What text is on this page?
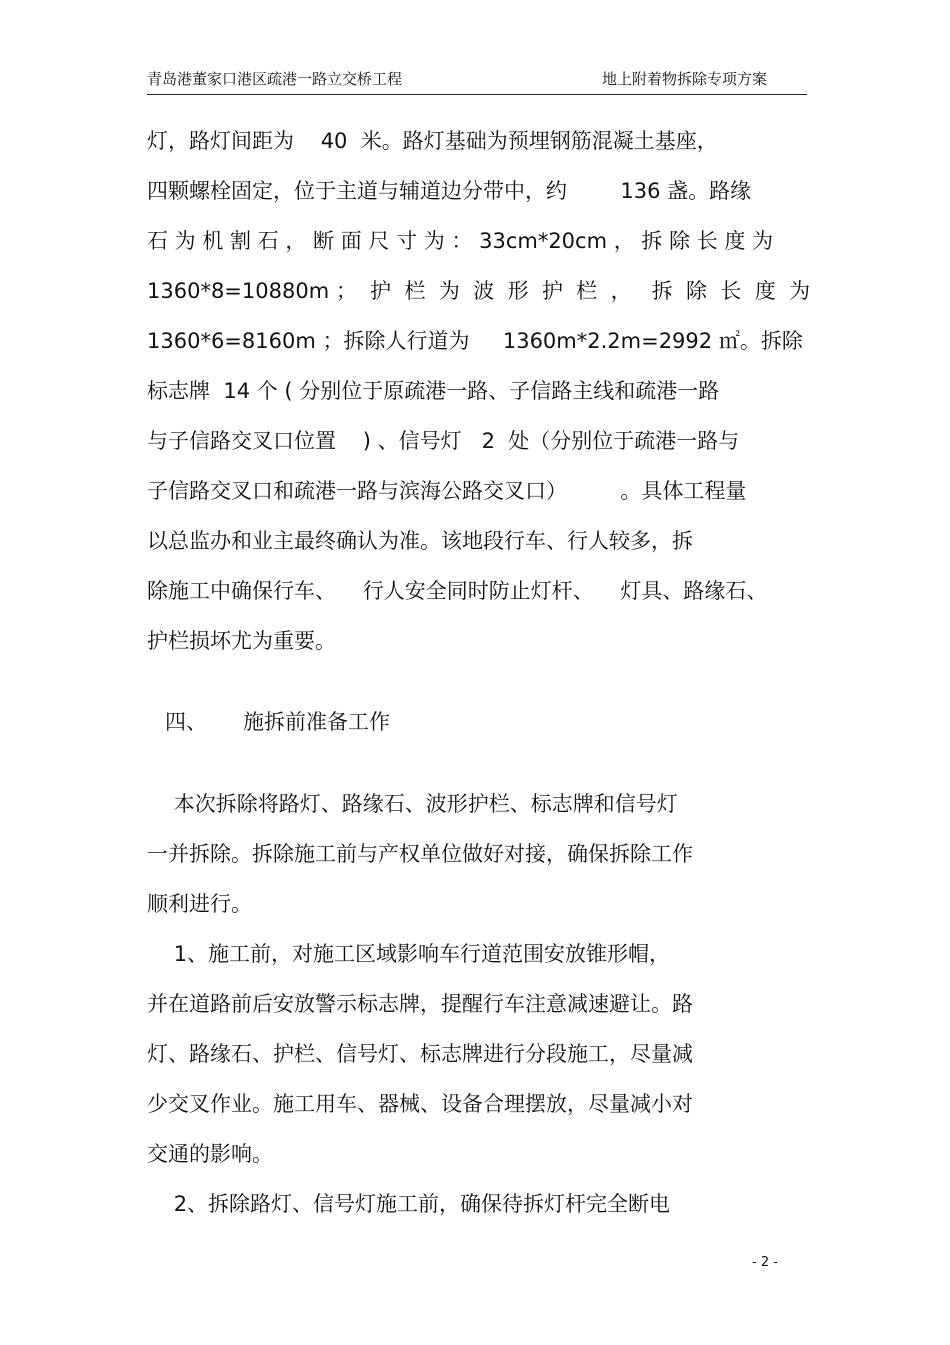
青岛港董家口港区疏港一路立交桥工程	地上附着物拆除专项方案
灯，路灯间距为    40  米。路灯基础为预埋钢筋混凝土基座，
四颗螺栓固定，位于主道与辅道边分带中，约        136 盏。路缘
石 为 机 割 石 ， 断 面 尺 寸 为 ： 33cm*20cm ， 拆 除 长 度 为
1360*8=10880m ；  护  栏  为  波  形  护  栏  ，   拆  除  长  度  为
1360*6=8160m ；拆除人行道为     1360m*2.2m=2992 ㎡。拆除
标志牌  14 个 ( 分别位于原疏港一路、子信路主线和疏港一路
与子信路交叉口位置    ) 、信号灯   2  处（分别位于疏港一路与
子信路交叉口和疏港一路与滨海公路交叉口）        。具体工程量
以总监办和业主最终确认为准。该地段行车、行人较多，拆
除施工中确保行车、    行人安全同时防止灯杆、    灯具、路缘石、
护栏损坏尤为重要。
四、 施拆前准备工作
本次拆除将路灯、路缘石、波形护栏、标志牌和信号灯
一并拆除。拆除施工前与产权单位做好对接，确保拆除工作
顺利进行。
1、施工前，对施工区域影响车行道范围安放锥形帽，
并在道路前后安放警示标志牌，提醒行车注意减速避让。路
灯、路缘石、护栏、信号灯、标志牌进行分段施工，尽量减
少交叉作业。施工用车、器械、设备合理摆放，尽量减小对
交通的影响。
2、拆除路灯、信号灯施工前，确保待拆灯杆完全断电
- 2 -
